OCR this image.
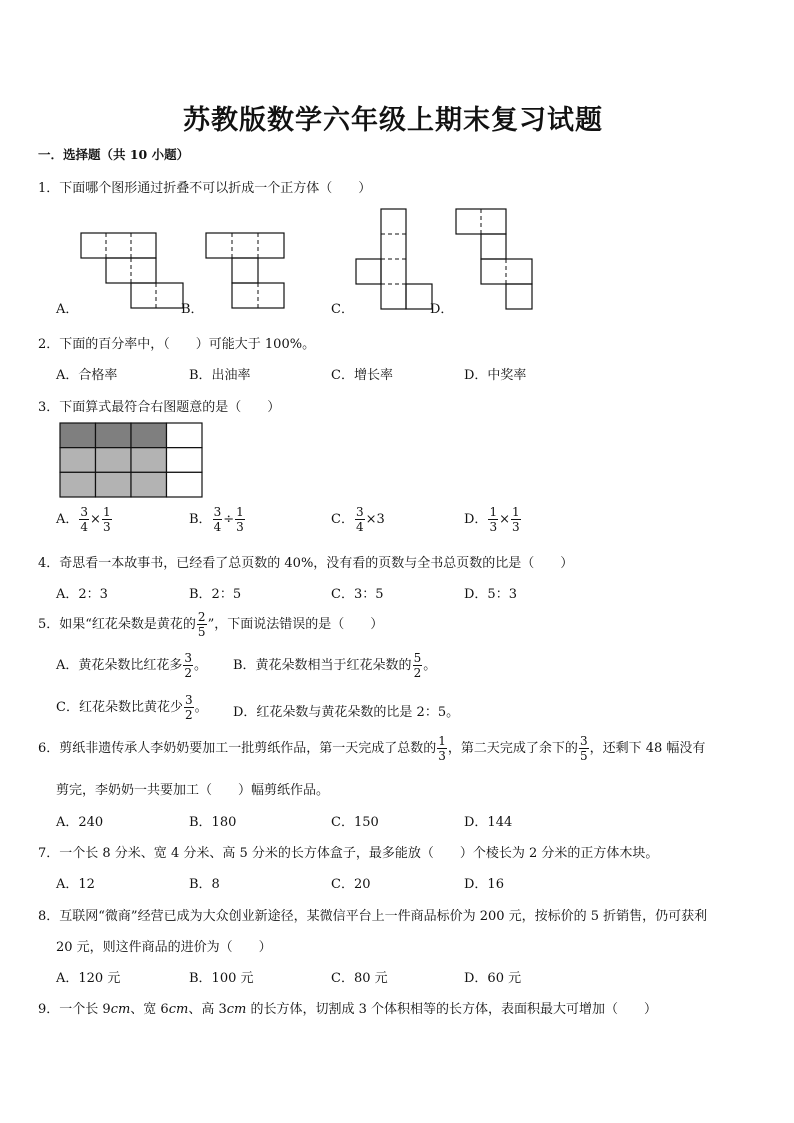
苏教版数学六年级上期末复习试题
一．选择题（共 10 小题）
1．下面哪个图形通过折叠不可以折成一个正方体（　　）
A．	B．	C．	D．
2．下面的百分率中，（　　）可能大于 100%。
A．合格率	B．出油率	C．增长率	D．中奖率
3．下面算式最符合右图题意的是（　　）
A． $\frac{3}{4} \times \frac{1}{3}$	B． $\frac{3}{4} \div \frac{1}{3}$	C． $\frac{3}{4} \times 3$	D． $\frac{1}{3} \times \frac{1}{3}$
4．奇思看一本故事书，已经看了总页数的 40%，没有看的页数与全书总页数的比是（　　）
A．2：3	B．2：5	C．3：5	D．5：3
5．如果“红花朵数是黄花的 $\frac{2}{5}$ ”，下面说法错误的是（　　）
A．黄花朵数比红花多 $\frac{3}{2}$ 。 B．黄花朵数相当于红花朵数的 $\frac{5}{2}$ 。
C．红花朵数比黄花少 $\frac{3}{2}$ 。 D．红花朵数与黄花朵数的比是 2：5。
6．剪纸非遗传承人李奶奶要加工一批剪纸作品，第一天完成了总数的 $\frac{1}{3}$ ，第二天完成了余下的 $\frac{3}{5}$ ，还剩下 48 幅没有
剪完，李奶奶一共要加工（　　）幅剪纸作品。
A．240	B．180	C．150	D．144
7．一个长 8 分米、宽 4 分米、高 5 分米的长方体盒子，最多能放（　　）个棱长为 2 分米的正方体木块。
A．12	B．8	C．20	D．16
8．互联网“微商”经营已成为大众创业新途径，某微信平台上一件商品标价为 200 元，按标价的 5 折销售，仍可获利
20 元，则这件商品的进价为（　　）
A．120 元	B．100 元	C．80 元	D．60 元
9．一个长 9cm、宽 6cm、高 3cm 的长方体，切割成 3 个体积相等的长方体，表面积最大可增加（　　）
